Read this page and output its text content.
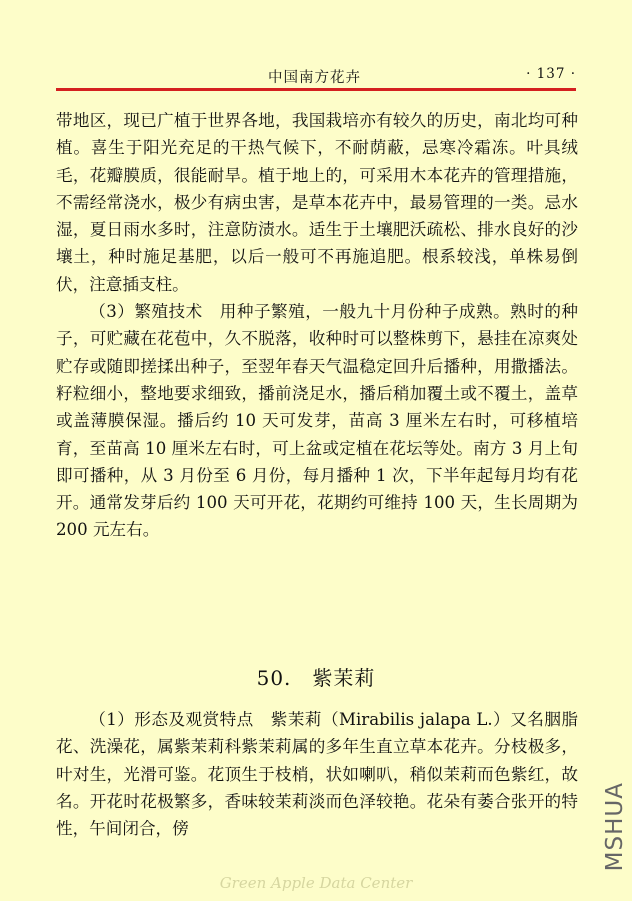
中国南方花卉	· 137 ·

带地区，现已广植于世界各地，我国栽培亦有较久的历史，南北均可种植。喜生于阳光充足的干热气候下，不耐荫蔽，忌寒冷霜冻。叶具绒毛，花瓣膜质，很能耐旱。植于地上的，可采用木本花卉的管理措施，不需经常浇水，极少有病虫害，是草本花卉中，最易管理的一类。忌水湿，夏日雨水多时，注意防渍水。适生于土壤肥沃疏松、排水良好的沙壤土，种时施足基肥，以后一般可不再施追肥。根系较浅，单株易倒伏，注意插支柱。

（3）繁殖技术　用种子繁殖，一般九十月份种子成熟。熟时的种子，可贮藏在花苞中，久不脱落，收种时可以整株剪下，悬挂在凉爽处贮存或随即搓揉出种子，至翌年春天气温稳定回升后播种，用撒播法。籽粒细小，整地要求细致，播前浇足水，播后稍加覆土或不覆土，盖草或盖薄膜保湿。播后约 10 天可发芽，苗高 3 厘米左右时，可移植培育，至苗高 10 厘米左右时，可上盆或定植在花坛等处。南方 3 月上旬即可播种，从 3 月份至 6 月份，每月播种 1 次，下半年起每月均有花开。通常发芽后约 100 天可开花，花期约可维持 100 天，生长周期为 200 元左右。

50.　紫茉莉

（1）形态及观赏特点　紫茉莉（Mirabilis jalapa L.）又名胭脂花、洗澡花，属紫茉莉科紫茉莉属的多年生直立草本花卉。分枝极多，叶对生，光滑可鉴。花顶生于枝梢，状如喇叭，稍似茉莉而色紫红，故名。开花时花极繁多，香味较茉莉淡而色泽较艳。花朵有萎合张开的特性，午间闭合，傍	MSHUA
Green Apple Data Center
